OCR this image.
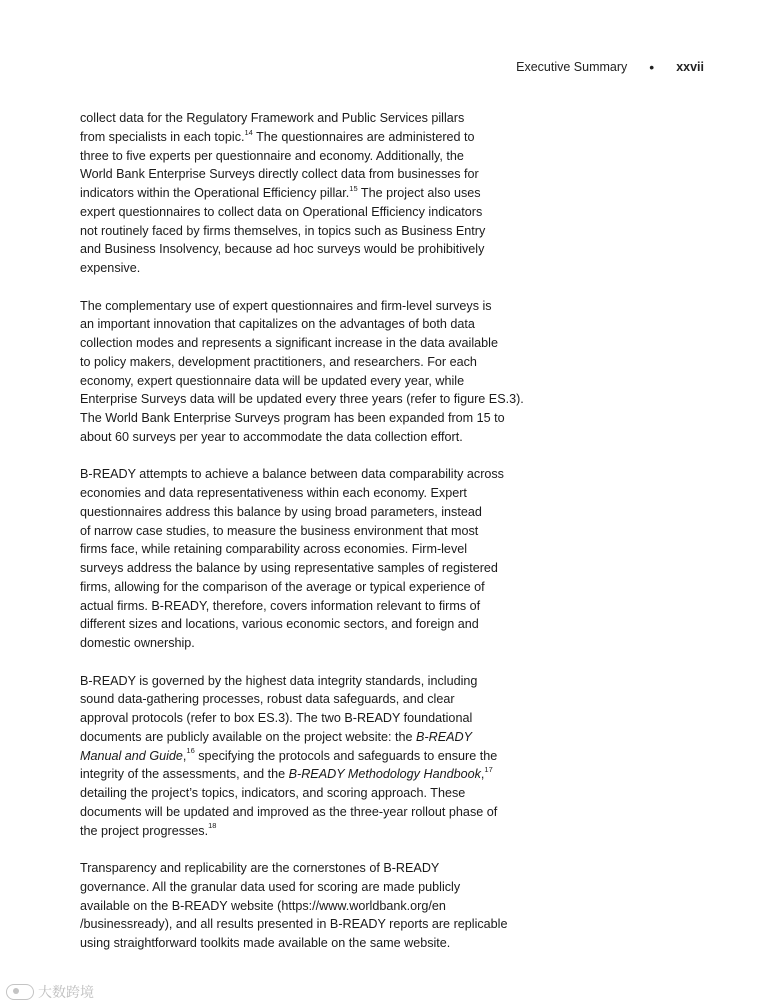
Executive Summary • xxvii

collect data for the Regulatory Framework and Public Services pillars
from specialists in each topic.$^{14}$ The questionnaires are administered to
three to five experts per questionnaire and economy. Additionally, the
World Bank Enterprise Surveys directly collect data from businesses for
indicators within the Operational Efficiency pillar.$^{15}$ The project also uses
expert questionnaires to collect data on Operational Efficiency indicators
not routinely faced by firms themselves, in topics such as Business Entry
and Business Insolvency, because ad hoc surveys would be prohibitively
expensive.

The complementary use of expert questionnaires and firm-level surveys is
an important innovation that capitalizes on the advantages of both data
collection modes and represents a significant increase in the data available
to policy makers, development practitioners, and researchers. For each
economy, expert questionnaire data will be updated every year, while
Enterprise Surveys data will be updated every three years (refer to figure ES.3).
The World Bank Enterprise Surveys program has been expanded from 15 to
about 60 surveys per year to accommodate the data collection effort.

B-READY attempts to achieve a balance between data comparability across
economies and data representativeness within each economy. Expert
questionnaires address this balance by using broad parameters, instead
of narrow case studies, to measure the business environment that most
firms face, while retaining comparability across economies. Firm-level
surveys address the balance by using representative samples of registered
firms, allowing for the comparison of the average or typical experience of
actual firms. B-READY, therefore, covers information relevant to firms of
different sizes and locations, various economic sectors, and foreign and
domestic ownership.

B-READY is governed by the highest data integrity standards, including
sound data-gathering processes, robust data safeguards, and clear
approval protocols (refer to box ES.3). The two B-READY foundational
documents are publicly available on the project website: the B-READY
Manual and Guide,$^{16}$ specifying the protocols and safeguards to ensure the
integrity of the assessments, and the B-READY Methodology Handbook,$^{17}$
detailing the project’s topics, indicators, and scoring approach. These
documents will be updated and improved as the three-year rollout phase of
the project progresses.$^{18}$

Transparency and replicability are the cornerstones of B-READY
governance. All the granular data used for scoring are made publicly
available on the B-READY website (https://www.worldbank.org/en
/businessready), and all results presented in B-READY reports are replicable
using straightforward toolkits made available on the same website.

大数跨境
